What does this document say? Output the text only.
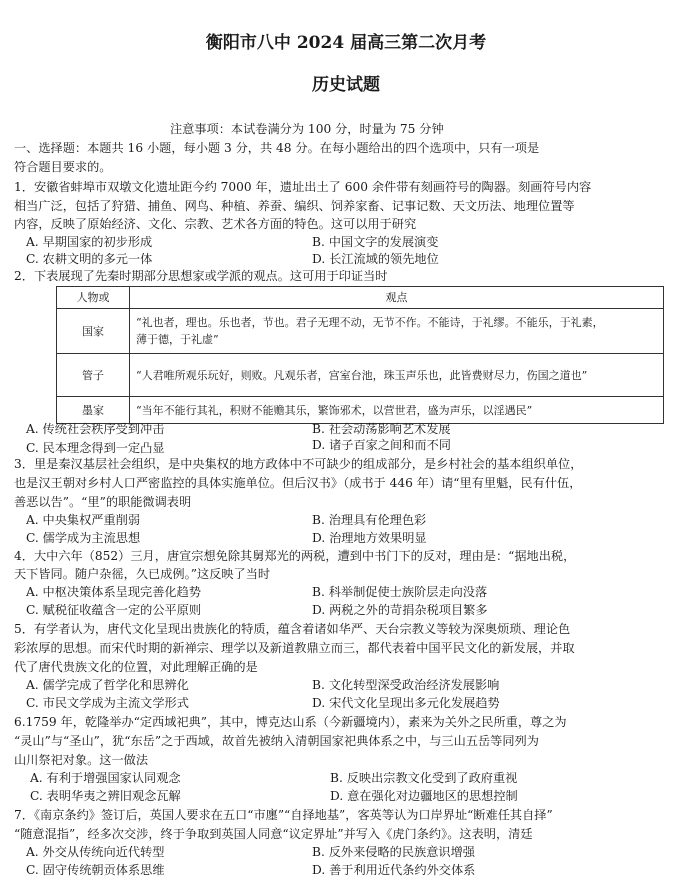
衡阳市八中 2024 届高三第二次月考
历史试题
注意事项：本试卷满分为 100 分，时量为 75 分钟
一、选择题：本题共 16 小题，每小题 3 分，共 48 分。在每小题给出的四个选项中，只有一项是
符合题目要求的。
1．安徽省蚌埠市双墩文化遗址距今约 7000 年，遗址出土了 600 余件带有刻画符号的陶器。刻画符号内容
相当广泛，包括了狩猎、捕鱼、网鸟、种植、养蚕、编织、饲养家畜、记事记数、天文历法、地理位置等
内容，反映了原始经济、文化、宗教、艺术各方面的特色。这可以用于研究
A. 早期国家的初步形成	B. 中国文字的发展演变
C. 农耕文明的多元一体	D. 长江流域的领先地位
2．下表展现了先秦时期部分思想家或学派的观点。这可用于印证当时
人物或	观点
国家	“礼也者，理也。乐也者，节也。君子无理不动，无节不作。不能诗，于礼缪。不能乐，于礼素，
薄于德，于礼虚”

管子	“人君唯所观乐玩好，则败。凡观乐者，宫室台池，珠玉声乐也，此皆费财尽力，伤国之道也”
墨家	“当年不能行其礼，积财不能赡其乐，繁饰邪术，以营世君，盛为声乐，以淫遇民”
A. 传统社会秩序受到冲击	B. 社会动荡影响艺术发展
C. 民本理念得到一定凸显	D. 诸子百家之间和而不同
3．里是秦汉基层社会组织，是中央集权的地方政体中不可缺少的组成部分，是乡村社会的基本组织单位，
也是汉王朝对乡村人口严密监控的具体实施单位。但后汉书》（成书于 446 年）请“里有里魁，民有什伍，
善恶以告”。“里”的职能微调表明
A. 中央集权严重削弱	B. 治理具有伦理色彩
C. 儒学成为主流思想	D. 治理地方效果明显
4．大中六年（852）三月，唐宣宗想免除其舅郑光的两税，遭到中书门下的反对，理由是：“据地出税，
天下皆同。随户杂徭，久已成例。”这反映了当时
A. 中枢决策体系呈现完善化趋势	B. 科举制促使士族阶层走向没落
C. 赋税征收蕴含一定的公平原则	D. 两税之外的苛捐杂税项目繁多
5．有学者认为，唐代文化呈现出贵族化的特质，蕴含着诸如华严、天台宗教义等较为深奥烦琐、理论色
彩浓厚的思想。而宋代时期的新禅宗、理学以及新道教鼎立而三，都代表着中国平民文化的新发展，并取
代了唐代贵族文化的位置，对此理解正确的是
A. 儒学完成了哲学化和思辨化	B. 文化转型深受政治经济发展影响
C. 市民文学成为主流文学形式	D. 宋代文化呈现出多元化发展趋势
6.1759 年，乾隆举办“定西域祀典”，其中，博克达山系（今新疆境内），素来为关外之民所重，尊之为
“灵山”与“圣山”，犹“东岳”之于西域，故首先被纳入清朝国家祀典体系之中，与三山五岳等同列为
山川祭祀对象。这一做法
A. 有利于增强国家认同观念	B. 反映出宗教文化受到了政府重视
C. 表明华夷之辨旧观念瓦解	D. 意在强化对边疆地区的思想控制
7．《南京条约》签订后，英国人要求在五口“市廛”“自择地基”，客英等认为口岸界址“断难任其自择”
“随意混指”，经多次交涉，终于争取到英国人同意“议定界址”并写入《虎门条约》。这表明，清廷
A. 外交从传统向近代转型	B. 反外来侵略的民族意识增强
C. 固守传统朝贡体系思维	D. 善于利用近代条约外交体系
